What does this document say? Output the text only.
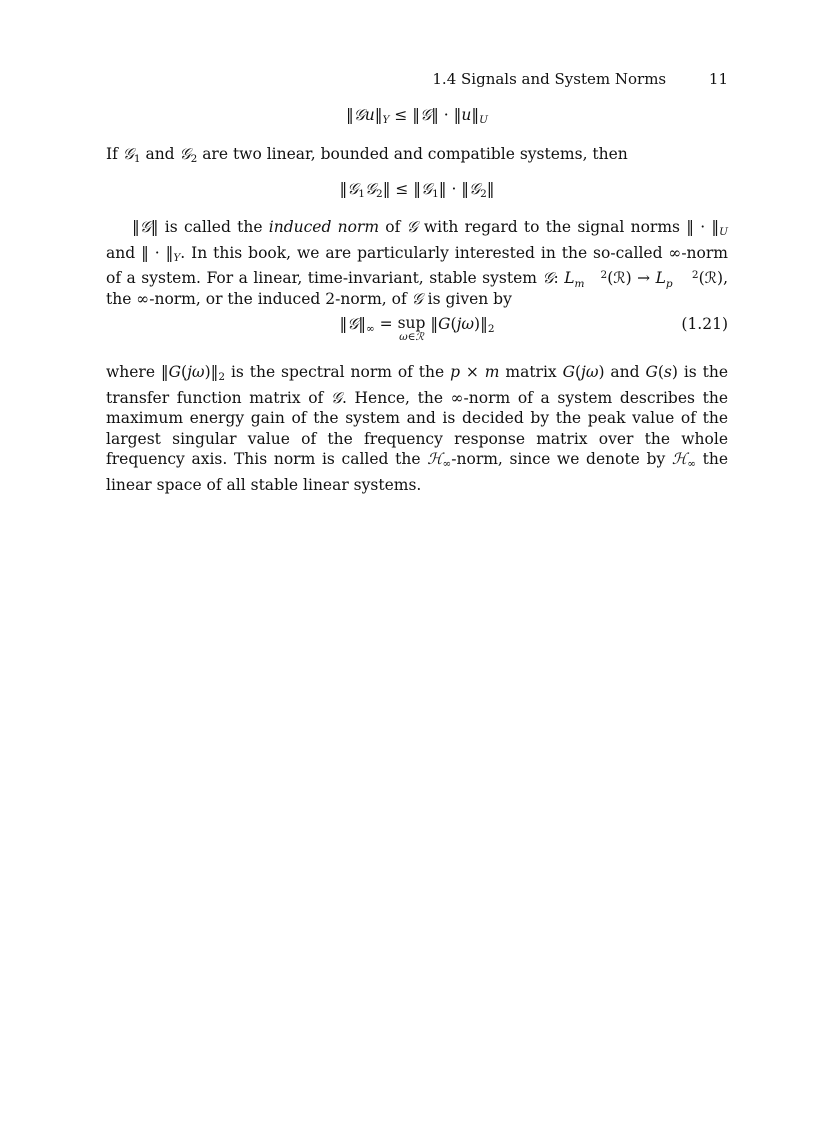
1.4 Signals and System Norms	11
$‖𝒢u‖_Y$ ≤ ‖𝒢‖ · $‖u‖_U$

If 𝒢$_1$ and 𝒢$_2$ are two linear, bounded and compatible systems, then

‖𝒢$_1$𝒢$_2$‖ ≤ ‖𝒢$_1$‖ · ‖𝒢$_2$‖

‖𝒢‖ is called the induced norm of 𝒢 with regard to the signal norms ‖ · $‖_U$ and ‖ · $‖_Y$. In this book, we are particularly interested in the so-called ∞-norm of a system. For a linear, time-invariant, stable system 𝒢: L 2
m (ℛ) → L 2
p (ℛ), the ∞-norm, or the induced 2-norm, of 𝒢 is given by

$‖𝒢‖_\infty$ = sup
ω∈ℛ
$‖G(j\omega)‖_2$	(1.21)

where $‖G(j\omega)‖_2$ is the spectral norm of the p × m matrix G(jω) and G(s) is the transfer function matrix of 𝒢. Hence, the ∞-norm of a system describes the maximum energy gain of the system and is decided by the peak value of the largest singular value of the frequency response matrix over the whole frequency axis. This norm is called the ℋ$_\infty$-norm, since we denote by ℋ$_\infty$ the linear space of all stable linear systems.
